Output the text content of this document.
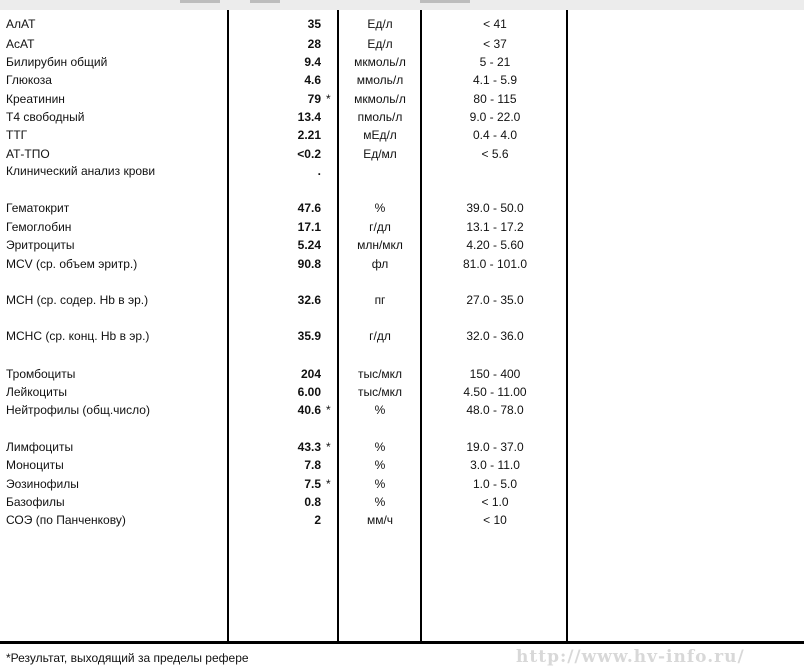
АлАТ	35	Ед/л	< 41
АсАТ	28	Ед/л	< 37
Билирубин общий	9.4	мкмоль/л	5 - 21
Глюкоза	4.6	ммоль/л	4.1 - 5.9
Креатинин	79 *	мкмоль/л	80 - 115
Т4 свободный	13.4	пмоль/л	9.0 - 22.0
ТТГ	2.21	мЕд/л	0.4 - 4.0
АТ-ТПО	<0.2	Ед/мл	< 5.6
Клинический анализ крови	.
Гематокрит	47.6	%	39.0 - 50.0
Гемоглобин	17.1	г/дл	13.1 - 17.2
Эритроциты	5.24	млн/мкл	4.20 - 5.60
MCV (ср. объем эритр.)	90.8	фл	81.0 - 101.0
MCH (ср. содер. Hb в эр.)	32.6	пг	27.0 - 35.0
MCHC (ср. конц. Hb в эр.)	35.9	г/дл	32.0 - 36.0
Тромбоциты	204	тыс/мкл	150 - 400
Лейкоциты	6.00	тыс/мкл	4.50 - 11.00
Нейтрофилы (общ.число)	40.6 *	%	48.0 - 78.0
Лимфоциты	43.3 *	%	19.0 - 37.0
Моноциты	7.8	%	3.0 - 11.0
Эозинофилы	7.5 *	%	1.0 - 5.0
Базофилы	0.8	%	< 1.0
СОЭ (по Панченкову)	2	мм/ч	< 10
*Результат, выходящий за пределы рефере	http://www.hv-info.ru/
